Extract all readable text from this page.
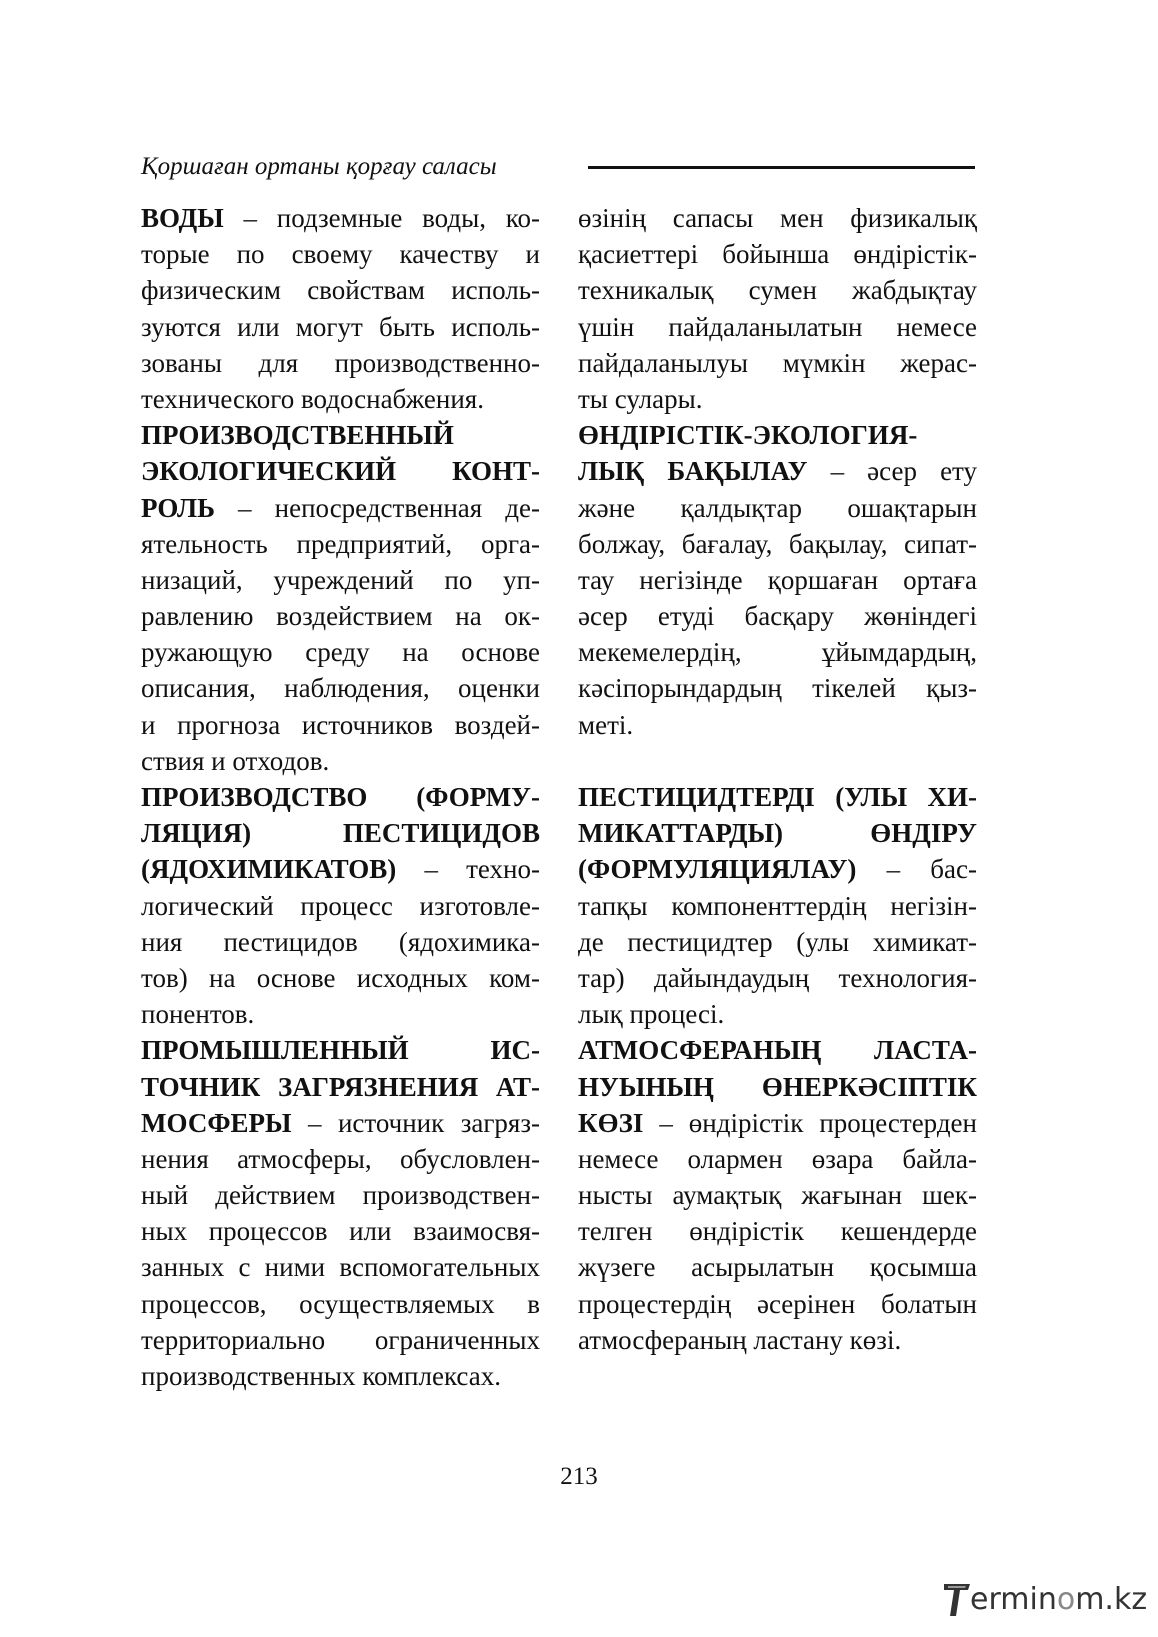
Қоршаған ортаны қорғау саласы
ВОДЫ – подземные воды, ко-
торые по своему качеству и
физическим свойствам исполь-
зуются или могут быть исполь-
зованы для производственно-
технического водоснабжения.
ПРОИЗВОДСТВЕННЫЙ
ЭКОЛОГИЧЕСКИЙ КОНТ-
РОЛЬ – непосредственная де-
ятельность предприятий, орга-
низаций, учреждений по уп-
равлению воздействием на ок-
ружающую среду на основе
описания, наблюдения, оценки
и прогноза источников воздей-
ствия и отходов.
ПРОИЗВОДСТВО (ФОРМУ-
ЛЯЦИЯ) ПЕСТИЦИДОВ
(ЯДОХИМИКАТОВ) – техно-
логический процесс изготовле-
ния пестицидов (ядохимика-
тов) на основе исходных ком-
понентов.
ПРОМЫШЛЕННЫЙ ИС-
ТОЧНИК ЗАГРЯЗНЕНИЯ АТ-
МОСФЕРЫ – источник загряз-
нения атмосферы, обусловлен-
ный действием производствен-
ных процессов или взаимосвя-
занных с ними вспомогательных
процессов, осуществляемых в
территориально ограниченных
производственных комплексах.
өзінің сапасы мен физикалық
қасиеттері бойынша өндірістік-
техникалық сумен жабдықтау
үшін пайдаланылатын немесе
пайдаланылуы мүмкін жерас-
ты сулары.
ӨНДІРІСТІК-ЭКОЛОГИЯ-
ЛЫҚ БАҚЫЛАУ – әсер ету
және қалдықтар ошақтарын
болжау, бағалау, бақылау, сипат-
тау негізінде қоршаған ортаға
әсер етуді басқару жөніндегі
мекемелердің, ұйымдардың,
кәсіпорындардың тікелей қыз-
меті.
ПЕСТИЦИДТЕРДІ (УЛЫ ХИ-
МИКАТТАРДЫ) ӨНДІРУ
(ФОРМУЛЯЦИЯЛАУ) – бас-
тапқы компоненттердің негізін-
де пестицидтер (улы химикат-
тар) дайындаудың технология-
лық процесі.
АТМОСФЕРАНЫҢ ЛАСТА-
НУЫНЫҢ ӨНЕРКӘСІПТІК
КӨЗІ – өндірістік процестерден
немесе олармен өзара байла-
нысты аумақтық жағынан шек-
телген өндірістік кешендерде
жүзеге асырылатын қосымша
процестердің әсерінен болатын
атмосфераның ластану көзі.
213
erminom.kz
